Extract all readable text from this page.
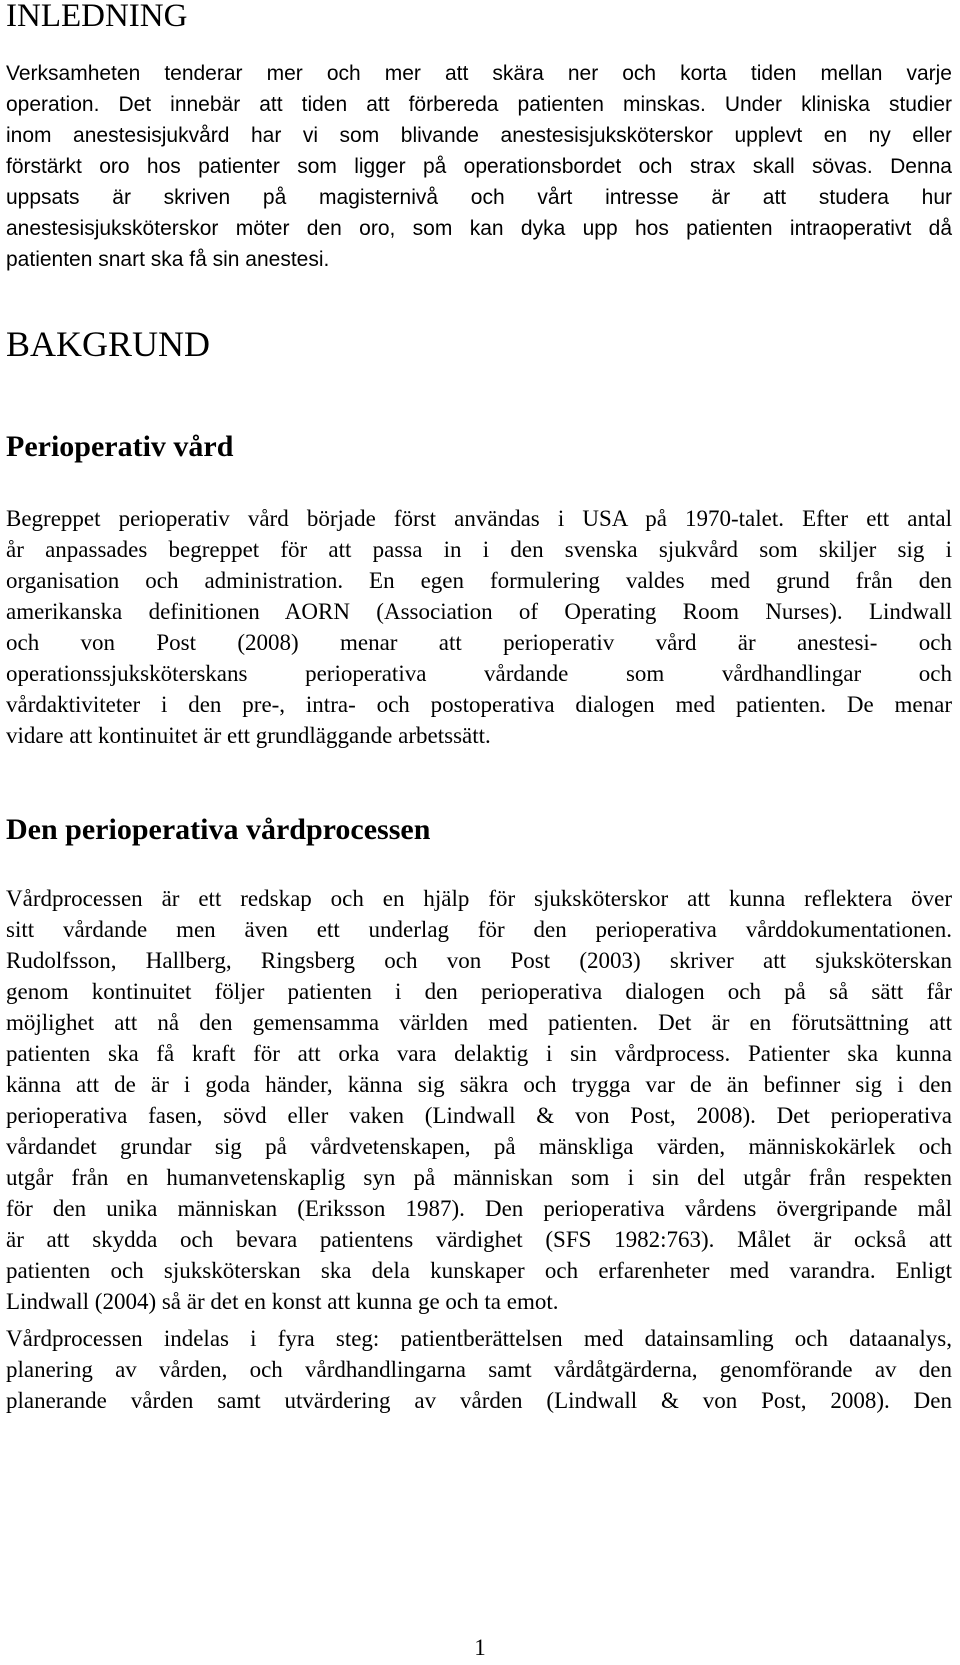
INLEDNING
Verksamheten tenderar mer och mer att skära ner och korta tiden mellan varje
operation. Det innebär att tiden att förbereda patienten minskas. Under kliniska studier
inom anestesisjukvård har vi som blivande anestesisjuksköterskor upplevt en ny eller
förstärkt oro hos patienter som ligger på operationsbordet och strax skall sövas. Denna
uppsats är skriven på magisternivå och vårt intresse är att studera hur
anestesisjuksköterskor möter den oro, som kan dyka upp hos patienten intraoperativt då
patienten snart ska få sin anestesi.
BAKGRUND
Perioperativ vård
Begreppet perioperativ vård började först användas i USA på 1970-talet. Efter ett antal
år anpassades begreppet för att passa in i den svenska sjukvård som skiljer sig i
organisation och administration. En egen formulering valdes med grund från den
amerikanska definitionen AORN (Association of Operating Room Nurses). Lindwall
och von Post (2008) menar att perioperativ vård är anestesi- och
operationssjuksköterskans perioperativa vårdande som vårdhandlingar och
vårdaktiviteter i den pre-, intra- och postoperativa dialogen med patienten. De menar
vidare att kontinuitet är ett grundläggande arbetssätt.
Den perioperativa vårdprocessen
Vårdprocessen är ett redskap och en hjälp för sjuksköterskor att kunna reflektera över
sitt vårdande men även ett underlag för den perioperativa vårddokumentationen.
Rudolfsson, Hallberg, Ringsberg och von Post (2003) skriver att sjuksköterskan
genom kontinuitet följer patienten i den perioperativa dialogen och på så sätt får
möjlighet att nå den gemensamma världen med patienten. Det är en förutsättning att
patienten ska få kraft för att orka vara delaktig i sin vårdprocess. Patienter ska kunna
känna att de är i goda händer, känna sig säkra och trygga var de än befinner sig i den
perioperativa fasen, sövd eller vaken (Lindwall & von Post, 2008). Det perioperativa
vårdandet grundar sig på vårdvetenskapen, på mänskliga värden, människokärlek och
utgår från en humanvetenskaplig syn på människan som i sin del utgår från respekten
för den unika människan (Eriksson 1987). Den perioperativa vårdens övergripande mål
är att skydda och bevara patientens värdighet (SFS 1982:763). Målet är också att
patienten och sjuksköterskan ska dela kunskaper och erfarenheter med varandra. Enligt
Lindwall (2004) så är det en konst att kunna ge och ta emot.
Vårdprocessen indelas i fyra steg: patientberättelsen med datainsamling och dataanalys,
planering av vården, och vårdhandlingarna samt vårdåtgärderna, genomförande av den
planerande vården samt utvärdering av vården (Lindwall & von Post, 2008). Den
1
